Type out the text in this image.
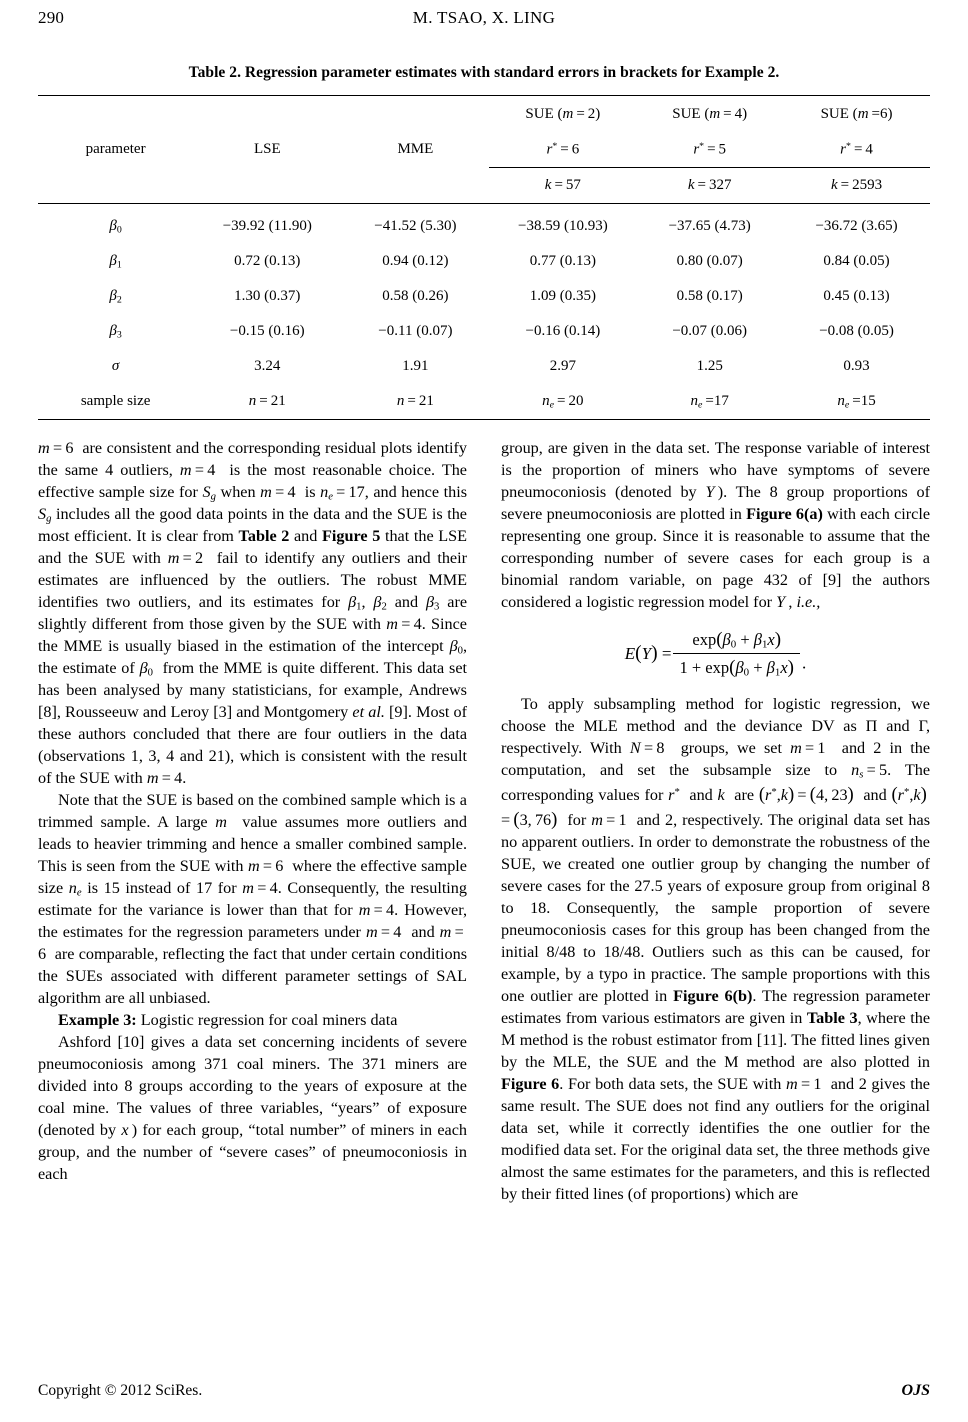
290	M. TSAO, X. LING
Table 2. Regression parameter estimates with standard errors in brackets for Example 2.
			SUE (m = 2)	SUE (m = 4)	SUE (m =6)
parameter	LSE	MME	r* = 6	r* = 5	r* = 4
			k = 57	k = 327	k = 2593
$\beta_0$	−39.92 (11.90)	−41.52 (5.30)	−38.59 (10.93)	−37.65 (4.73)	−36.72 (3.65)
$\beta_1$	0.72 (0.13)	0.94 (0.12)	0.77 (0.13)	0.80 (0.07)	0.84 (0.05)
$\beta_2$	1.30 (0.37)	0.58 (0.26)	1.09 (0.35)	0.58 (0.17)	0.45 (0.13)
$\beta_3$	−0.15 (0.16)	−0.11 (0.07)	−0.16 (0.14)	−0.07 (0.06)	−0.08 (0.05)
σ	3.24	1.91	2.97	1.25	0.93
sample size	n = 21	n = 21	$n_e = 20$	$n_e =17$	$n_e =15$

m = 6  are consistent and the corresponding residual plots identify the same 4 outliers, m = 4  is the most reasonable choice. The effective sample size for $S_g$ when m = 4  is $n_e = 17$, and hence this $S_g$ includes all the good data points in the data and the SUE is the most efficient. It is clear from Table 2 and Figure 5 that the LSE and the SUE with m = 2  fail to identify any outliers and their estimates are influenced by the outliers. The robust MME identifies two outliers, and its estimates for $\beta_1$, $\beta_2$ and $\beta_3$ are slightly different from those given by the SUE with m = 4. Since the MME is usually biased in the estimation of the intercept $\beta_0$, the estimate of $\beta_0$ from the MME is quite different. This data set has been analysed by many statisticians, for example, Andrews [8], Rousseeuw and Leroy [3] and Montgomery et al. [9]. Most of these authors concluded that there are four outliers in the data (observations 1, 3, 4 and 21), which is consistent with the result of the SUE with m = 4.

Note that the SUE is based on the combined sample which is a trimmed sample. A large m value assumes more outliers and leads to heavier trimming and hence a smaller combined sample. This is seen from the SUE with m = 6  where the effective sample size $n_e$ is 15 instead of 17 for m = 4. Consequently, the resulting estimate for the variance is lower than that for m = 4. However, the estimates for the regression parameters under m = 4  and m = 6  are comparable, reflecting the fact that under certain conditions the SUEs associated with different parameter settings of SAL algorithm are all unbiased.

Example 3: Logistic regression for coal miners data

Ashford [10] gives a data set concerning incidents of severe pneumoconiosis among 371 coal miners. The 371 miners are divided into 8 groups according to the years of exposure at the coal mine. The values of three variables, “years” of exposure (denoted by x  ) for each group, “total number” of miners in each group, and the number of “severe cases” of pneumoconiosis in each

group, are given in the data set. The response variable of interest is the proportion of miners who have symptoms of severe pneumoconiosis (denoted by Y  ). The 8 group proportions of severe pneumoconiosis are plotted in Figure 6(a) with each circle representing one group. Since it is reasonable to assume that the corresponding number of severe cases for each group is a binomial random variable, on page 432 of [9] the authors considered a logistic regression model for Y  , i.e.,

$E(Y) = \frac{\exp(\beta_0 + \beta_1x)}{1 + \exp(\beta_0 + \beta_1x)}$ .

To apply subsampling method for logistic regression, we choose the MLE method and the deviance DV as Π and Γ, respectively. With N = 8  groups, we set m = 1  and 2 in the computation, and set the subsample size to $n_s = 5$. The corresponding values for r* and k are (r*,k) = (4, 23) and (r*,k) = (3, 76) for m = 1  and 2, respectively. The original data set has no apparent outliers. In order to demonstrate the robustness of the SUE, we created one outlier group by changing the number of severe cases for the 27.5 years of exposure group from original 8 to 18. Consequently, the sample proportion of severe pneumoconiosis cases for this group has been changed from the initial 8/48 to 18/48. Outliers such as this can be caused, for example, by a typo in practice. The sample proportions with this one outlier are plotted in Figure 6(b). The regression parameter estimates from various estimators are given in Table 3, where the M method is the robust estimator from [11]. The fitted lines given by the MLE, the SUE and the M method are also plotted in Figure 6. For both data sets, the SUE with m = 1  and 2 gives the same result. The SUE does not find any outliers for the original data set, while it correctly identifies the one outlier for the modified data set. For the original data set, the three methods give almost the same estimates for the parameters, and this is reflected by their fitted lines (of proportions) which are

Copyright © 2012 SciRes.	OJS
